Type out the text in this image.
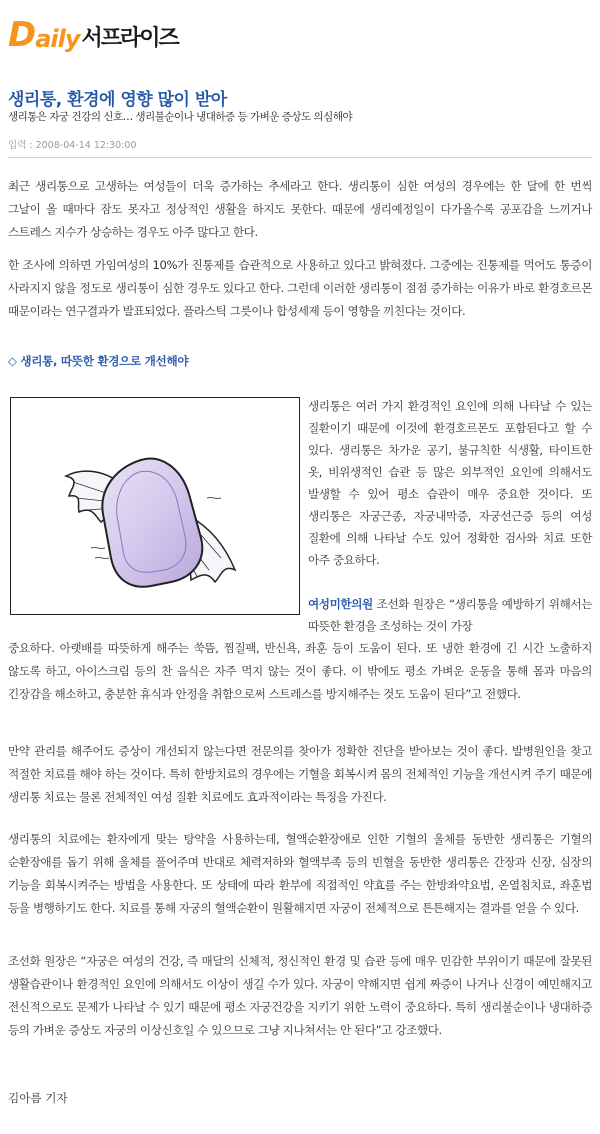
D aily 서프라이즈
생리통, 환경에 영향 많이 받아
생리통은 자궁 건강의 신호… 생리불순이나 냉대하증 등 가벼운 증상도 의심해야
입력 : 2008-04-14 12:30:00
최근 생리통으로 고생하는 여성들이 더욱 증가하는 추세라고 한다. 생리통이 심한 여성의 경우에는 한 달에 한 번씩 그날이 올 때마다 잠도 못자고 정상적인 생활을 하지도 못한다. 때문에 생리예정일이 다가올수록 공포감을 느끼거나 스트레스 지수가 상승하는 경우도 아주 많다고 한다.
한 조사에 의하면 가임여성의 10%가 진통제를 습관적으로 사용하고 있다고 밝혀졌다. 그중에는 진통제를 먹어도 통증이 사라지지 않을 정도로 생리통이 심한 경우도 있다고 한다. 그런데 이러한 생리통이 점점 증가하는 이유가 바로 환경호르몬 때문이라는 연구결과가 발표되었다. 플라스틱 그릇이나 합성세제 등이 영향을 끼친다는 것이다.
◇ 생리통, 따뜻한 환경으로 개선해야
생리통은 여러 가지 환경적인 요인에 의해 나타날 수 있는 질환이기 때문에 이것에 환경호르몬도 포함된다고 할 수 있다. 생리통은 차가운 공기, 불규칙한 식생활, 타이트한 옷, 비위생적인 습관 등 많은 외부적인 요인에 의해서도 발생할 수 있어 평소 습관이 매우 중요한 것이다. 또 생리통은 자궁근종, 자궁내막증, 자궁선근증 등의 여성 질환에 의해 나타날 수도 있어 정확한 검사와 치료 또한 아주 중요하다.
여성미한의원 조선화 원장은 “생리통을 예방하기 위해서는 따뜻한 환경을 조성하는 것이 가장
중요하다. 아랫배를 따뜻하게 해주는 쑥뜸, 찜질팩, 반신욕, 좌훈 등이 도움이 된다. 또 냉한 환경에 긴 시간 노출하지 않도록 하고, 아이스크림 등의 찬 음식은 자주 먹지 않는 것이 좋다. 이 밖에도 평소 가벼운 운동을 통해 몸과 마음의 긴장감을 해소하고, 충분한 휴식과 안정을 취함으로써 스트레스를 방지해주는 것도 도움이 된다”고 전했다.
만약 관리를 해주어도 증상이 개선되지 않는다면 전문의를 찾아가 정확한 진단을 받아보는 것이 좋다. 발병원인을 찾고 적절한 치료를 해야 하는 것이다. 특히 한방치료의 경우에는 기혈을 회복시켜 몸의 전체적인 기능을 개선시켜 주기 때문에 생리통 치료는 물론 전체적인 여성 질환 치료에도 효과적이라는 특징을 가진다.
생리통의 치료에는 환자에게 맞는 탕약을 사용하는데, 혈액순환장애로 인한 기혈의 울체를 동반한 생리통은 기혈의 순환장애를 돕기 위해 울체를 풀어주며 반대로 체력저하와 혈액부족 등의 빈혈을 동반한 생리통은 간장과 신장, 심장의 기능을 회복시켜주는 방법을 사용한다. 또 상태에 따라 환부에 직접적인 약효를 주는 한방좌약요법, 온열침치료, 좌훈법 등을 병행하기도 한다. 치료를 통해 자궁의 혈액순환이 원활해지면 자궁이 전체적으로 튼튼해지는 결과를 얻을 수 있다.
조선화 원장은 “자궁은 여성의 건강, 즉 매달의 신체적, 정신적인 환경 및 습관 등에 매우 민감한 부위이기 때문에 잘못된 생활습관이나 환경적인 요인에 의해서도 이상이 생길 수가 있다. 자궁이 약해지면 쉽게 짜증이 나거나 신경이 예민해지고 전신적으로도 문제가 나타날 수 있기 때문에 평소 자궁건강을 지키기 위한 노력이 중요하다. 특히 생리불순이나 냉대하증 등의 가벼운 증상도 자궁의 이상신호일 수 있으므로 그냥 지나쳐서는 안 된다”고 강조했다.
김아름 기자
